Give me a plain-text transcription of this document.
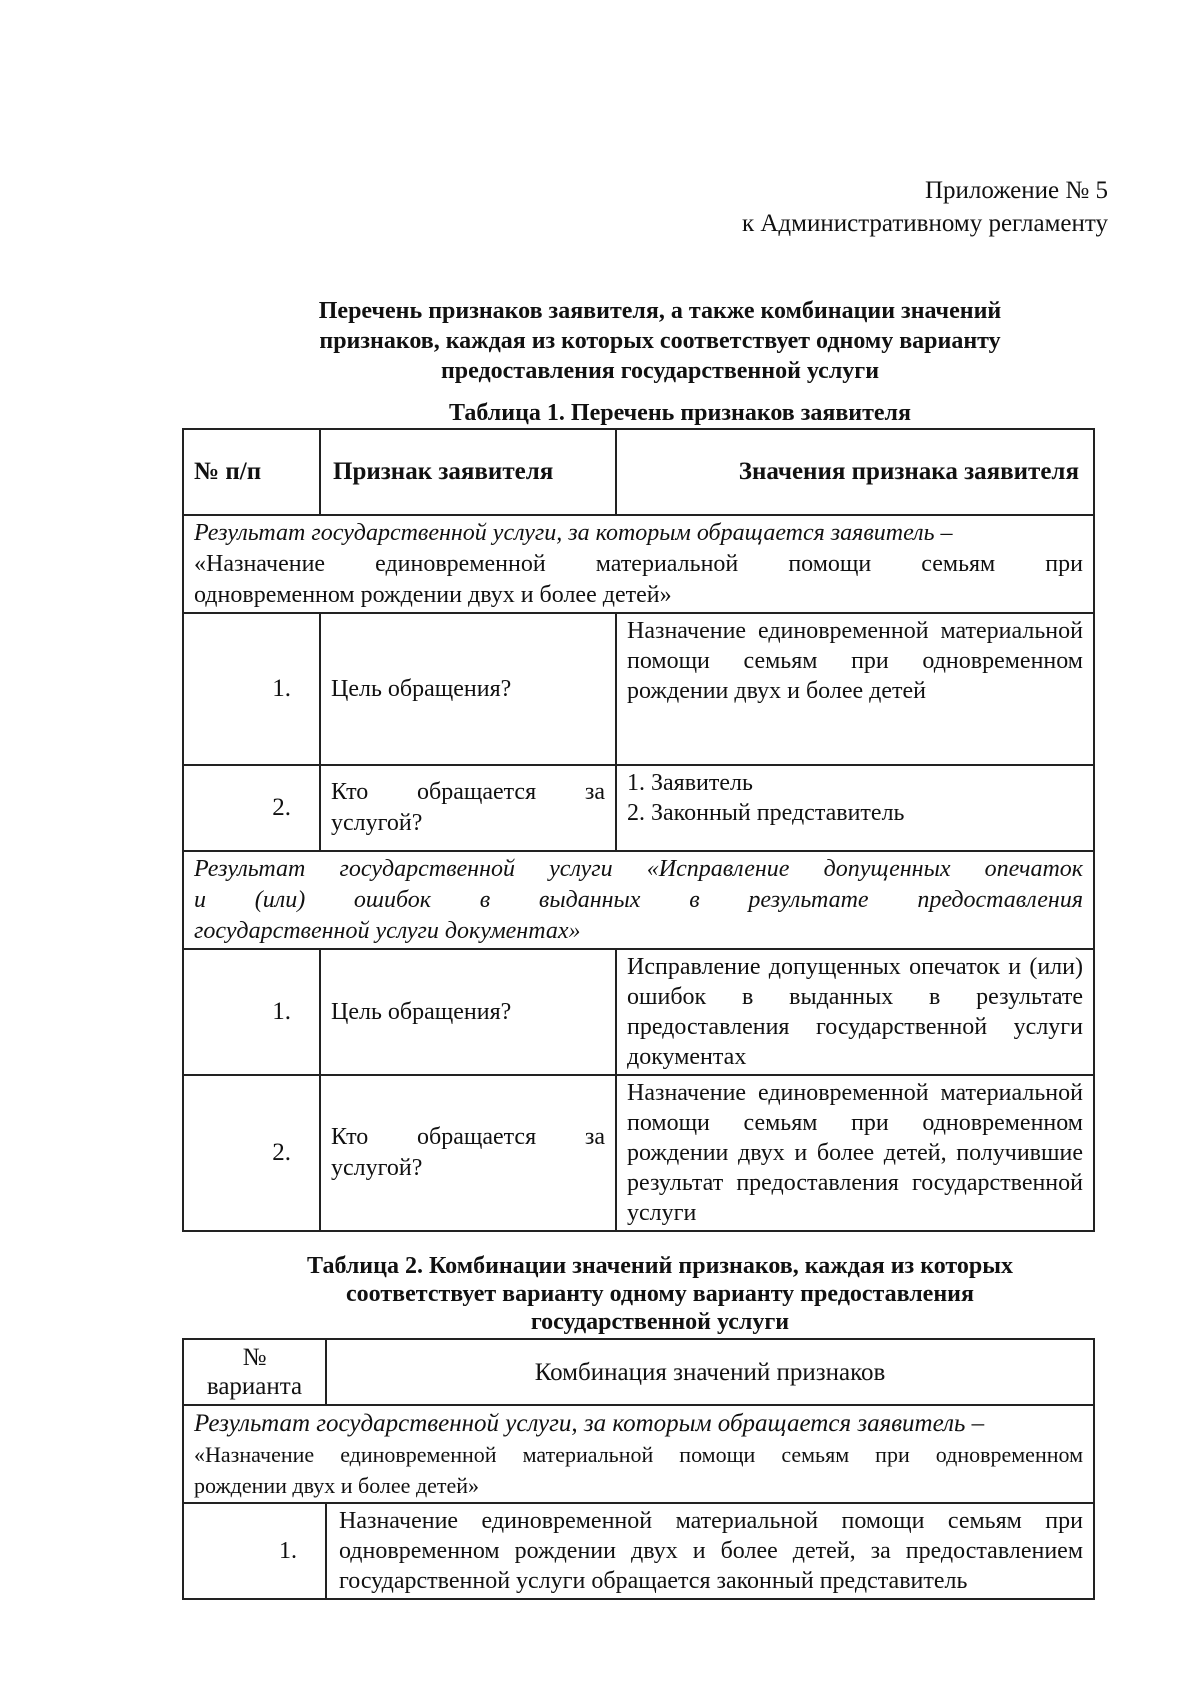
Приложение № 5
к Административному регламенту
Перечень признаков заявителя, а также комбинации значений
признаков, каждая из которых соответствует одному варианту
предоставления государственной услуги
Таблица 1. Перечень признаков заявителя
№ п/п	Признак заявителя	Значения признака заявителя

Результат государственной услуги, за которым обращается заявитель –
«Назначение единовременной материальной помощи семьям при
одновременном рождении двух и более детей»		

1.	Цель обращения?	Назначение единовременной материальной помощи семьям при одновременном рождении двух и более детей
2.	Кто обращается за услугой?	1. Заявитель
2. Законный представитель

Результат государственной услуги «Исправление допущенных опечаток
и (или) ошибок в выданных в результате предоставления
государственной услуги документах»		

1.	Цель обращения?	Исправление допущенных опечаток и (или) ошибок в выданных в результате предоставления государственной услуги документах
2.	Кто обращается за услугой?	Назначение единовременной материальной помощи семьям при одновременном рождении двух и более детей, получившие результат предоставления государственной услуги
Таблица 2. Комбинации значений признаков, каждая из которых
соответствует варианту одному варианту предоставления
государственной услуги
№
варианта	Комбинация значений признаков

Результат государственной услуги, за которым обращается заявитель –
«Назначение единовременной материальной помощи семьям при одновременном
рождении двух и более детей»	

1.	Назначение единовременной материальной помощи семьям при одновременном рождении двух и более детей, за предоставлением государственной услуги обращается законный представитель
